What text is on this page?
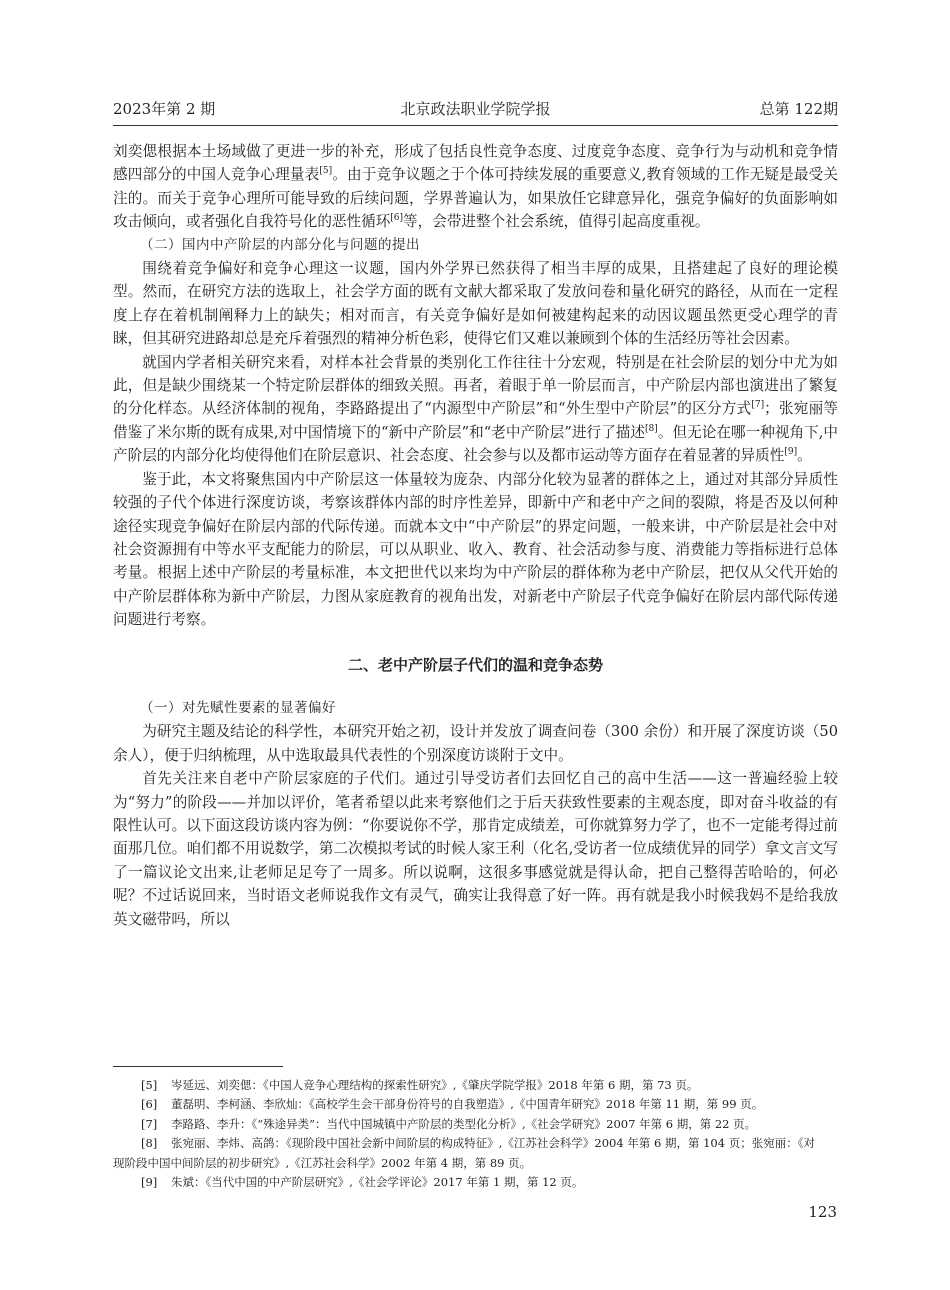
2023年第 2 期	北京政法职业学院学报	总第 122期

刘奕偲根据本土场域做了更进一步的补充，形成了包括良性竞争态度、过度竞争态度、竞争行为与动机和竞争情感四部分的中国人竞争心理量表[5]。由于竞争议题之于个体可持续发展的重要意义,教育领域的工作无疑是最受关注的。而关于竞争心理所可能导致的后续问题，学界普遍认为，如果放任它肆意异化，强竞争偏好的负面影响如攻击倾向，或者强化自我符号化的恶性循环[6]等，会带进整个社会系统，值得引起高度重视。

（二）国内中产阶层的内部分化与问题的提出

围绕着竞争偏好和竞争心理这一议题，国内外学界已然获得了相当丰厚的成果，且搭建起了良好的理论模型。然而，在研究方法的选取上，社会学方面的既有文献大都采取了发放问卷和量化研究的路径，从而在一定程度上存在着机制阐释力上的缺失；相对而言，有关竞争偏好是如何被建构起来的动因议题虽然更受心理学的青睐，但其研究进路却总是充斥着强烈的精神分析色彩，使得它们又难以兼顾到个体的生活经历等社会因素。

就国内学者相关研究来看，对样本社会背景的类别化工作往往十分宏观，特别是在社会阶层的划分中尤为如此，但是缺少围绕某一个特定阶层群体的细致关照。再者，着眼于单一阶层而言，中产阶层内部也演进出了繁复的分化样态。从经济体制的视角，李路路提出了“内源型中产阶层”和“外生型中产阶层”的区分方式[7]；张宛丽等借鉴了米尔斯的既有成果,对中国情境下的“新中产阶层”和“老中产阶层”进行了描述[8]。但无论在哪一种视角下,中产阶层的内部分化均使得他们在阶层意识、社会态度、社会参与以及都市运动等方面存在着显著的异质性[9]。

鉴于此，本文将聚焦国内中产阶层这一体量较为庞杂、内部分化较为显著的群体之上，通过对其部分异质性较强的子代个体进行深度访谈，考察该群体内部的时序性差异，即新中产和老中产之间的裂隙，将是否及以何种途径实现竞争偏好在阶层内部的代际传递。而就本文中“中产阶层”的界定问题，一般来讲，中产阶层是社会中对社会资源拥有中等水平支配能力的阶层，可以从职业、收入、教育、社会活动参与度、消费能力等指标进行总体考量。根据上述中产阶层的考量标准，本文把世代以来均为中产阶层的群体称为老中产阶层，把仅从父代开始的中产阶层群体称为新中产阶层，力图从家庭教育的视角出发，对新老中产阶层子代竞争偏好在阶层内部代际传递问题进行考察。

二、老中产阶层子代们的温和竞争态势

（一）对先赋性要素的显著偏好

为研究主题及结论的科学性，本研究开始之初，设计并发放了调查问卷（300 余份）和开展了深度访谈（50 余人），便于归纳梳理，从中选取最具代表性的个别深度访谈附于文中。

首先关注来自老中产阶层家庭的子代们。通过引导受访者们去回忆自己的高中生活——这一普遍经验上较为“努力”的阶段——并加以评价，笔者希望以此来考察他们之于后天获致性要素的主观态度，即对奋斗收益的有限性认可。以下面这段访谈内容为例：“你要说你不学，那肯定成绩差，可你就算努力学了，也不一定能考得过前面那几位。咱们都不用说数学，第二次模拟考试的时候人家王利（化名,受访者一位成绩优异的同学）拿文言文写了一篇议论文出来,让老师足足夸了一周多。所以说啊，这很多事感觉就是得认命，把自己整得苦哈哈的，何必呢？不过话说回来，当时语文老师说我作文有灵气，确实让我得意了好一阵。再有就是我小时候我妈不是给我放英文磁带吗，所以

[5] 岑延远、刘奕偲：《中国人竞争心理结构的探索性研究》,《肇庆学院学报》2018 年第 6 期，第 73 页。

[6] 董磊明、李柯涵、李欣灿：《高校学生会干部身份符号的自我塑造》,《中国青年研究》2018 年第 11 期，第 99 页。

[7] 李路路、李升：《“殊途异类”：当代中国城镇中产阶层的类型化分析》,《社会学研究》2007 年第 6 期，第 22 页。

[8] 张宛丽、李炜、高鸽：《现阶段中国社会新中间阶层的构成特征》,《江苏社会科学》2004 年第 6 期，第 104 页；张宛丽：《对

现阶段中国中间阶层的初步研究》,《江苏社会科学》2002 年第 4 期，第 89 页。

[9] 朱斌：《当代中国的中产阶层研究》,《社会学评论》2017 年第 1 期，第 12 页。

123
